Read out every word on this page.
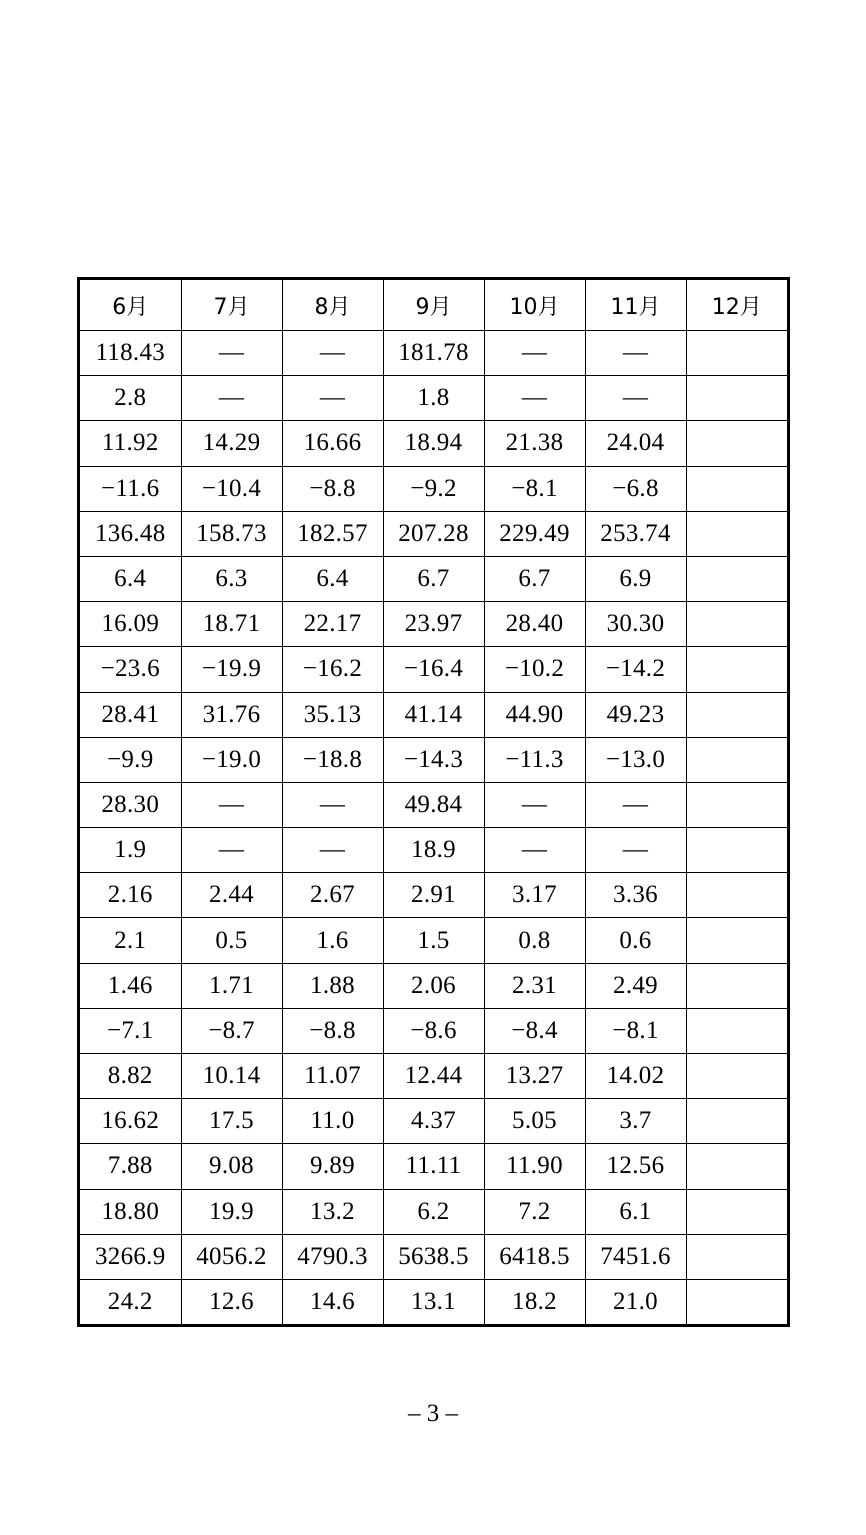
6月	7月	8月	9月	10月	11月	12月
118.43	—	—	181.78	—	—	
2.8	—	—	1.8	—	—	
11.92	14.29	16.66	18.94	21.38	24.04	
−11.6	−10.4	−8.8	−9.2	−8.1	−6.8	
136.48	158.73	182.57	207.28	229.49	253.74	
6.4	6.3	6.4	6.7	6.7	6.9	
16.09	18.71	22.17	23.97	28.40	30.30	
−23.6	−19.9	−16.2	−16.4	−10.2	−14.2	
28.41	31.76	35.13	41.14	44.90	49.23	
−9.9	−19.0	−18.8	−14.3	−11.3	−13.0	
28.30	—	—	49.84	—	—	
1.9	—	—	18.9	—	—	
2.16	2.44	2.67	2.91	3.17	3.36	
2.1	0.5	1.6	1.5	0.8	0.6	
1.46	1.71	1.88	2.06	2.31	2.49	
−7.1	−8.7	−8.8	−8.6	−8.4	−8.1	
8.82	10.14	11.07	12.44	13.27	14.02	
16.62	17.5	11.0	4.37	5.05	3.7	
7.88	9.08	9.89	11.11	11.90	12.56	
18.80	19.9	13.2	6.2	7.2	6.1	
3266.9	4056.2	4790.3	5638.5	6418.5	7451.6	
24.2	12.6	14.6	13.1	18.2	21.0	
– 3 –
